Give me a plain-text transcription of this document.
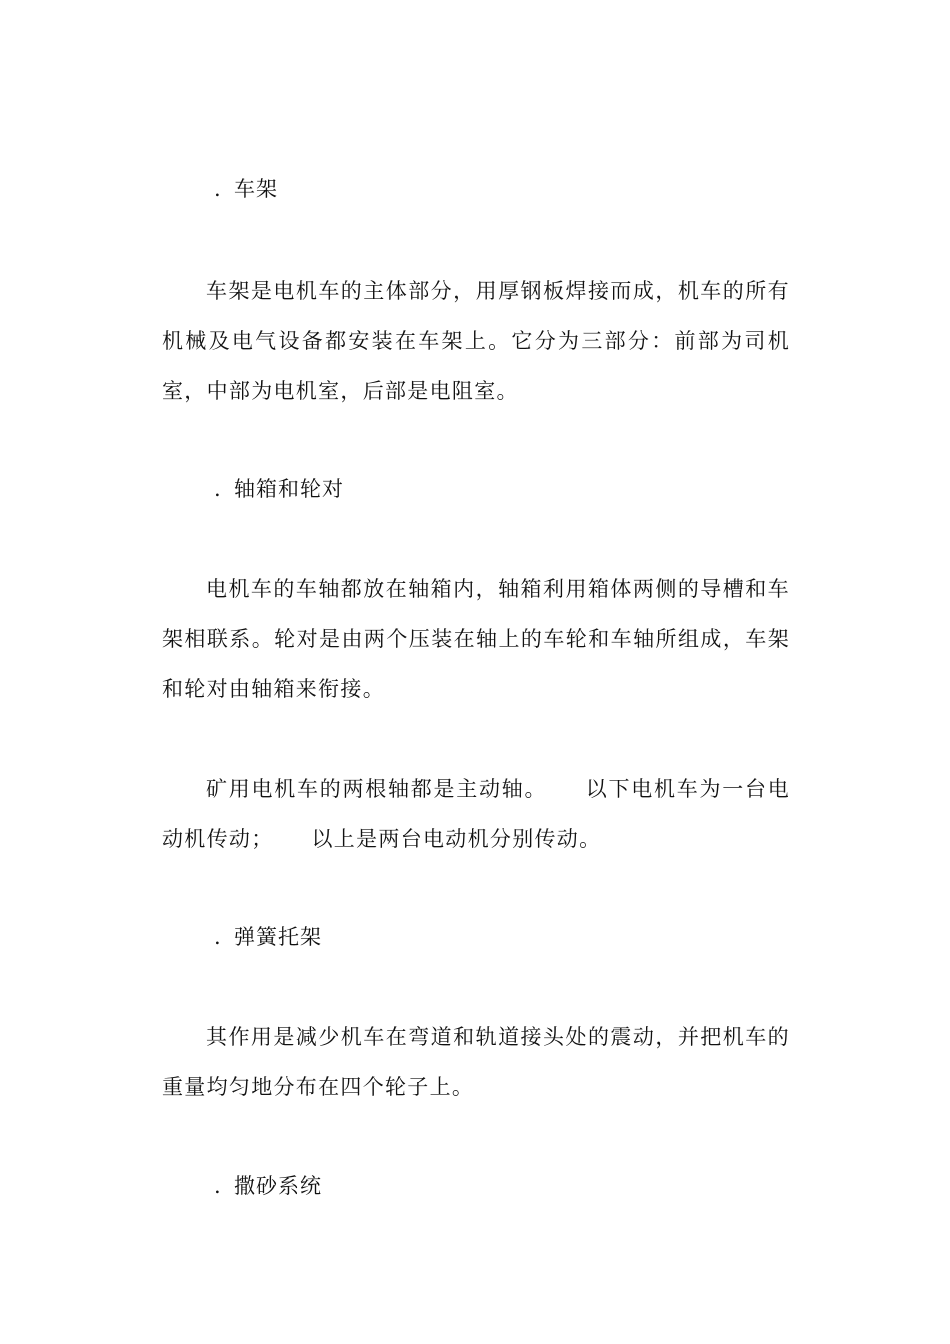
. 车架
车架是电机车的主体部分，用厚钢板焊接而成，机车的所有机械及电气设备都安装在车架上。它分为三部分：前部为司机室，中部为电机室，后部是电阻室。
. 轴箱和轮对
电机车的车轴都放在轴箱内，轴箱利用箱体两侧的导槽和车架相联系。轮对是由两个压装在轴上的车轮和车轴所组成，车架和轮对由轴箱来衔接。
矿用电机车的两根轴都是主动轴。 以下电机车为一台电动机传动； 以上是两台电动机分别传动。
. 弹簧托架
其作用是减少机车在弯道和轨道接头处的震动，并把机车的重量均匀地分布在四个轮子上。
. 撒砂系统
